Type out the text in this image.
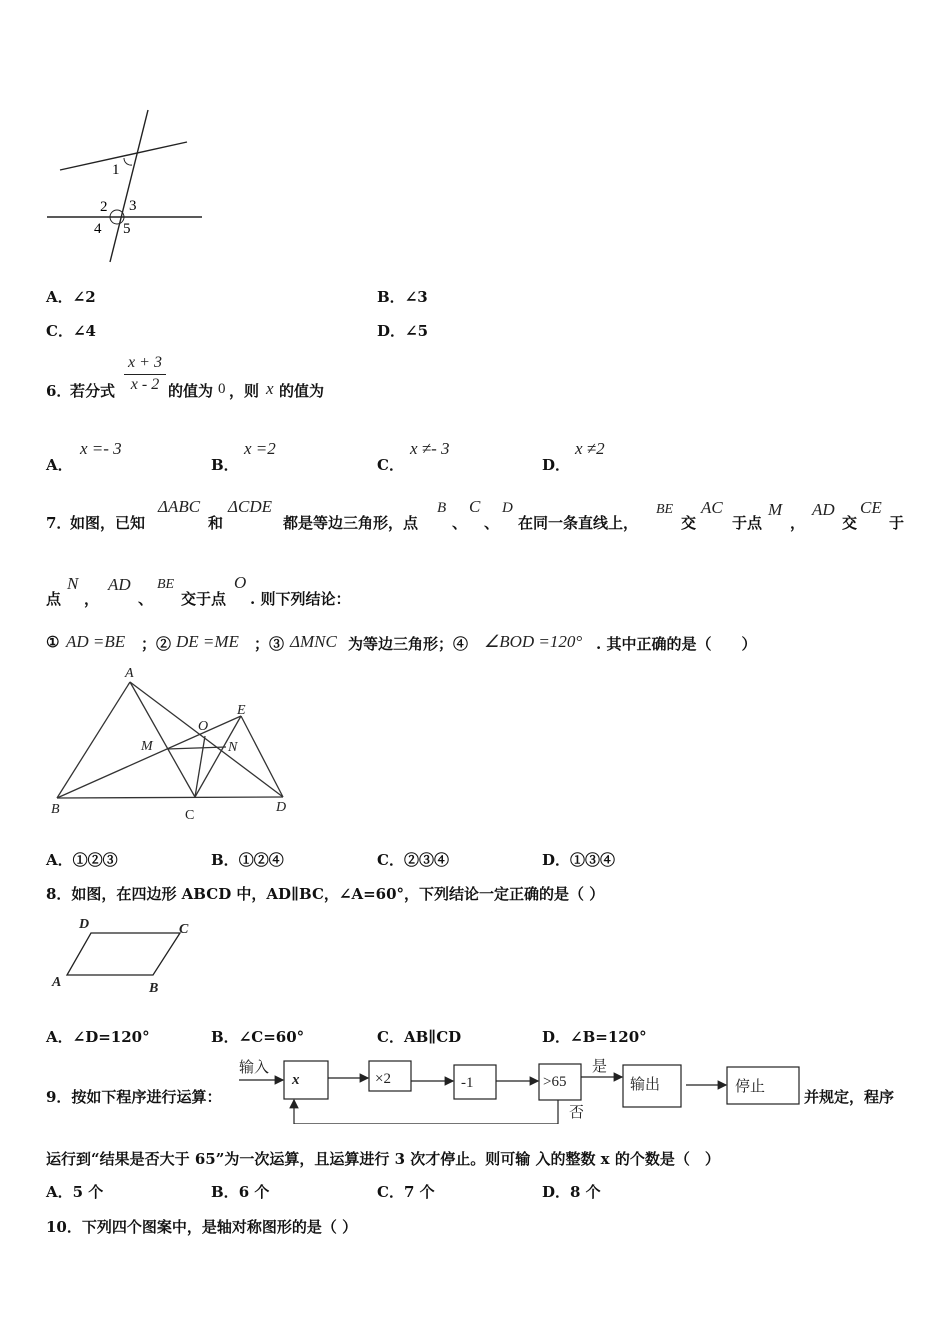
1
2 3
4 5
A．∠2	B．∠3
C．∠4	D．∠5
6．
若分式
x + 3
x - 2 的值为 0 ，则 x 的值为
A．
x =- 3
B．
x =2
C．
x ≠- 3
D．
x ≠2
7．
如图，已知
ΔABC
和
ΔCDE
都是等边三角形，点
B
、
C
、
D
在同一条直线上，
BE
交
AC
于点
M
，
AD
交
CE
于
点
N
，
AD
、
BE
交于点
O
. 则下列结论：
① AD =BE ；② DE =ME ；③ ΔMNC 为等边三角形；④ ∠BOD =120° . 其中正确的是（　　）
A
B	C
D
E
M	N
O
A．①②③	B．①②④	C．②③④	D．①③④
8．如图，在四边形 ABCD 中，AD∥BC，∠A=60°，下列结论一定正确的是（ ）
D	C
A	B
A．∠D=120°	B．∠C=60°	C．AB∥CD	D．∠B=120°
9．按如下程序进行运算：
输入
x	×2	-1	>65
是
否
输出	停止
并规定，程序
运行到“结果是否大于 65”为一次运算，且运算进行 3 次才停止。则可输 入的整数 x 的个数是（　）
A．5 个	B．6 个	C．7 个	D．8 个
10．下列四个图案中，是轴对称图形的是（ ）
